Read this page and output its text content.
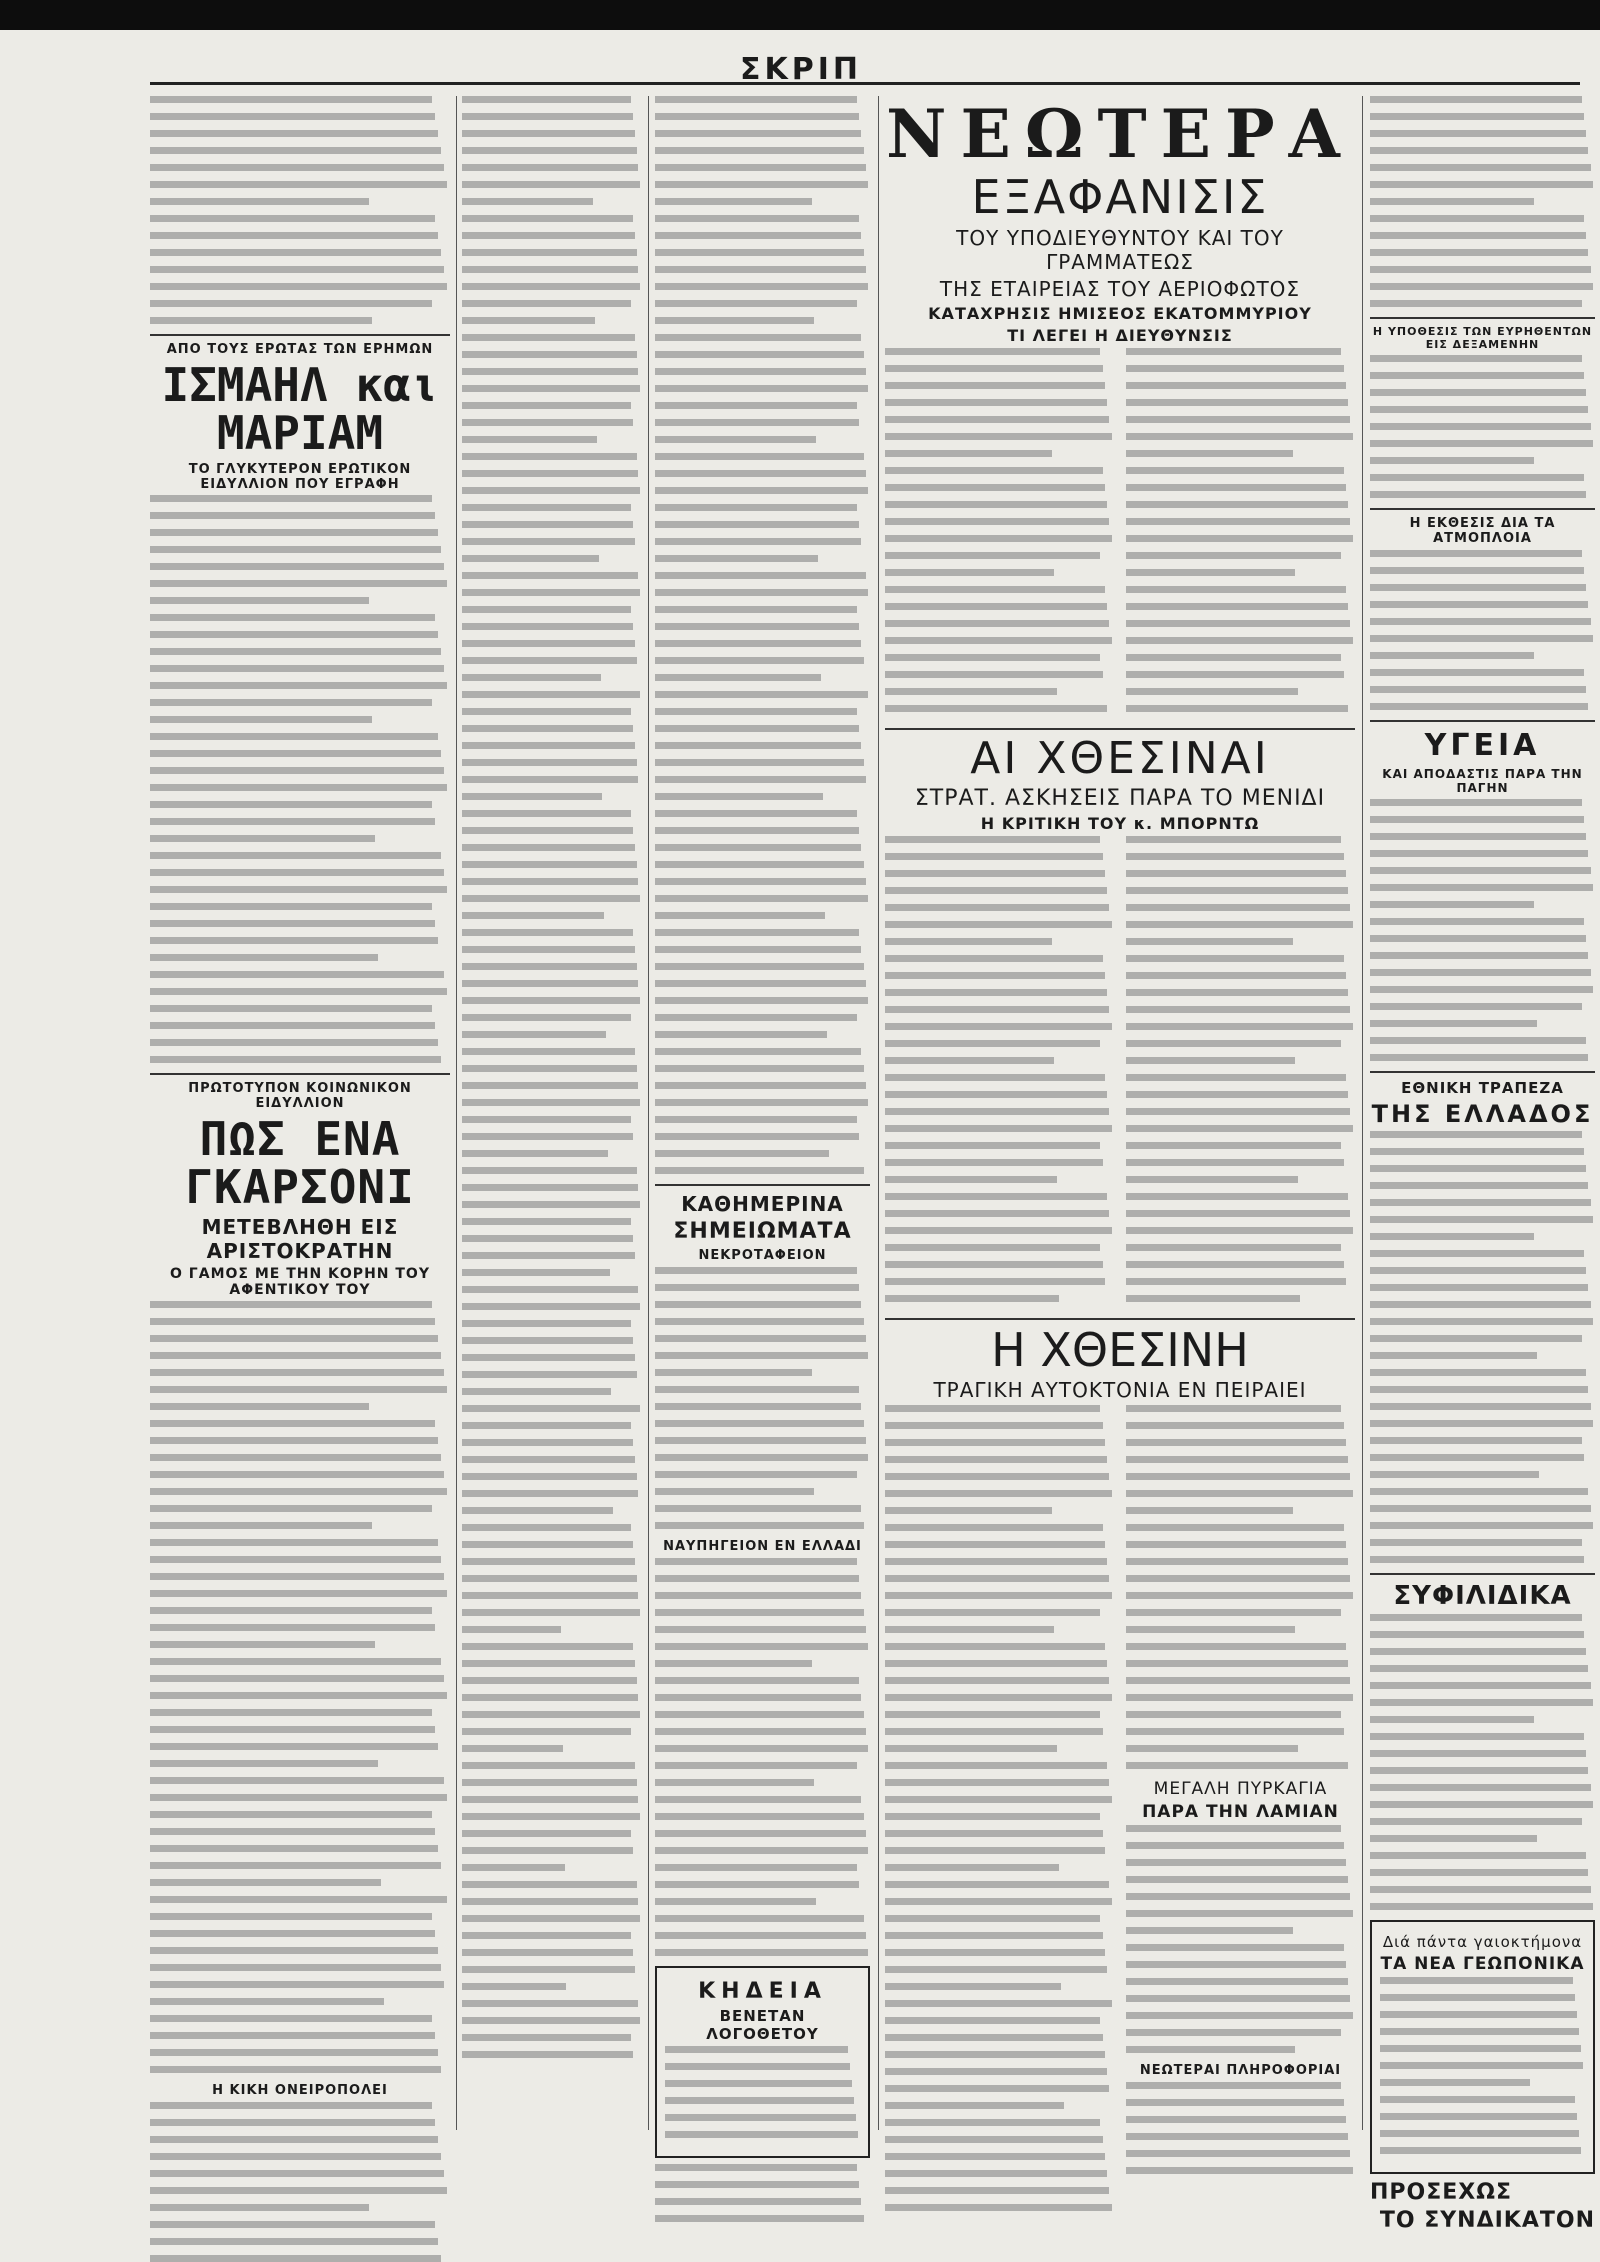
ΣΚΡΙΠ
ΑΠΟ ΤΟΥΣ ΕΡΩΤΑΣ ΤΩΝ ΕΡΗΜΩΝ
ΙΣΜΑΗΛ και ΜΑΡΙΑΜ
ΤΟ ΓΛΥΚΥΤΕΡΟΝ ΕΡΩΤΙΚΟΝ ΕΙΔΥΛΛΙΟΝ ΠΟΥ ΕΓΡΑΦΗ
ΠΡΩΤΟΤΥΠΟΝ ΚΟΙΝΩΝΙΚΟΝ ΕΙΔΥΛΛΙΟΝ
ΠΩΣ ΕΝΑ ΓΚΑΡΣΟΝΙ
ΜΕΤΕΒΛΗΘΗ ΕΙΣ ΑΡΙΣΤΟΚΡΑΤΗΝ
Ο ΓΑΜΟΣ ΜΕ ΤΗΝ ΚΟΡΗΝ ΤΟΥ ΑΦΕΝΤΙΚΟΥ ΤΟΥ
Η ΚΙΚΗ ΟΝΕΙΡΟΠΟΛΕΙ
ΚΑΘΗΜΕΡΙΝΑ
ΣΗΜΕΙΩΜΑΤΑ
ΝΕΚΡΟΤΑΦΕΙΟΝ
ΝΑΥΠΗΓΕΙΟΝ ΕΝ ΕΛΛΑΔΙ
ΚΗΔΕΙΑ
ΒΕΝΕΤΑΝ ΛΟΓΟΘΕΤΟΥ
ΝΕΩΤΕΡΑ
ΕΞΑΦΑΝΙΣΙΣ
ΤΟΥ ΥΠΟΔΙΕΥΘΥΝΤΟΥ ΚΑΙ ΤΟΥ ΓΡΑΜΜΑΤΕΩΣ
ΤΗΣ ΕΤΑΙΡΕΙΑΣ ΤΟΥ ΑΕΡΙΟΦΩΤΟΣ
ΚΑΤΑΧΡΗΣΙΣ ΗΜΙΣΕΟΣ ΕΚΑΤΟΜΜΥΡΙΟΥ
ΤΙ ΛΕΓΕΙ Η ΔΙΕΥΘΥΝΣΙΣ
ΑΙ ΧΘΕΣΙΝΑΙ
ΣΤΡΑΤ. ΑΣΚΗΣΕΙΣ ΠΑΡΑ ΤΟ ΜΕΝΙΔΙ
Η ΚΡΙΤΙΚΗ ΤΟΥ κ. ΜΠΟΡΝΤΩ
Η ΧΘΕΣΙΝΗ
ΤΡΑΓΙΚΗ ΑΥΤΟΚΤΟΝΙΑ ΕΝ ΠΕΙΡΑΙΕΙ
ΜΕΓΑΛΗ ΠΥΡΚΑΓΙΑ
ΠΑΡΑ ΤΗΝ ΛΑΜΙΑΝ
ΝΕΩΤΕΡΑΙ ΠΛΗΡΟΦΟΡΙΑΙ
Η ΥΠΟΘΕΣΙΣ ΤΩΝ ΕΥΡΗΘΕΝΤΩΝ ΕΙΣ ΔΕΞΑΜΕΝΗΝ
Η ΕΚΘΕΣΙΣ ΔΙΑ ΤΑ ΑΤΜΟΠΛΟΙΑ
ΥΓΕΙΑ
ΚΑΙ ΑΠΟΔΑΣΤΙΣ ΠΑΡΑ ΤΗΝ ΠΑΓΗΝ
ΕΘΝΙΚΗ ΤΡΑΠΕΖΑ
ΤΗΣ ΕΛΛΑΔΟΣ
ΣΥΦΙΛΙΔΙΚΑ
Διά πάντα γαιοκτήμονα
ΤΑ ΝΕΑ ΓΕΩΠΟΝΙΚΑ
ΠΡΟΣΕΧΩΣ
ΤΟ ΣΥΝΔΙΚΑΤΟΝ
